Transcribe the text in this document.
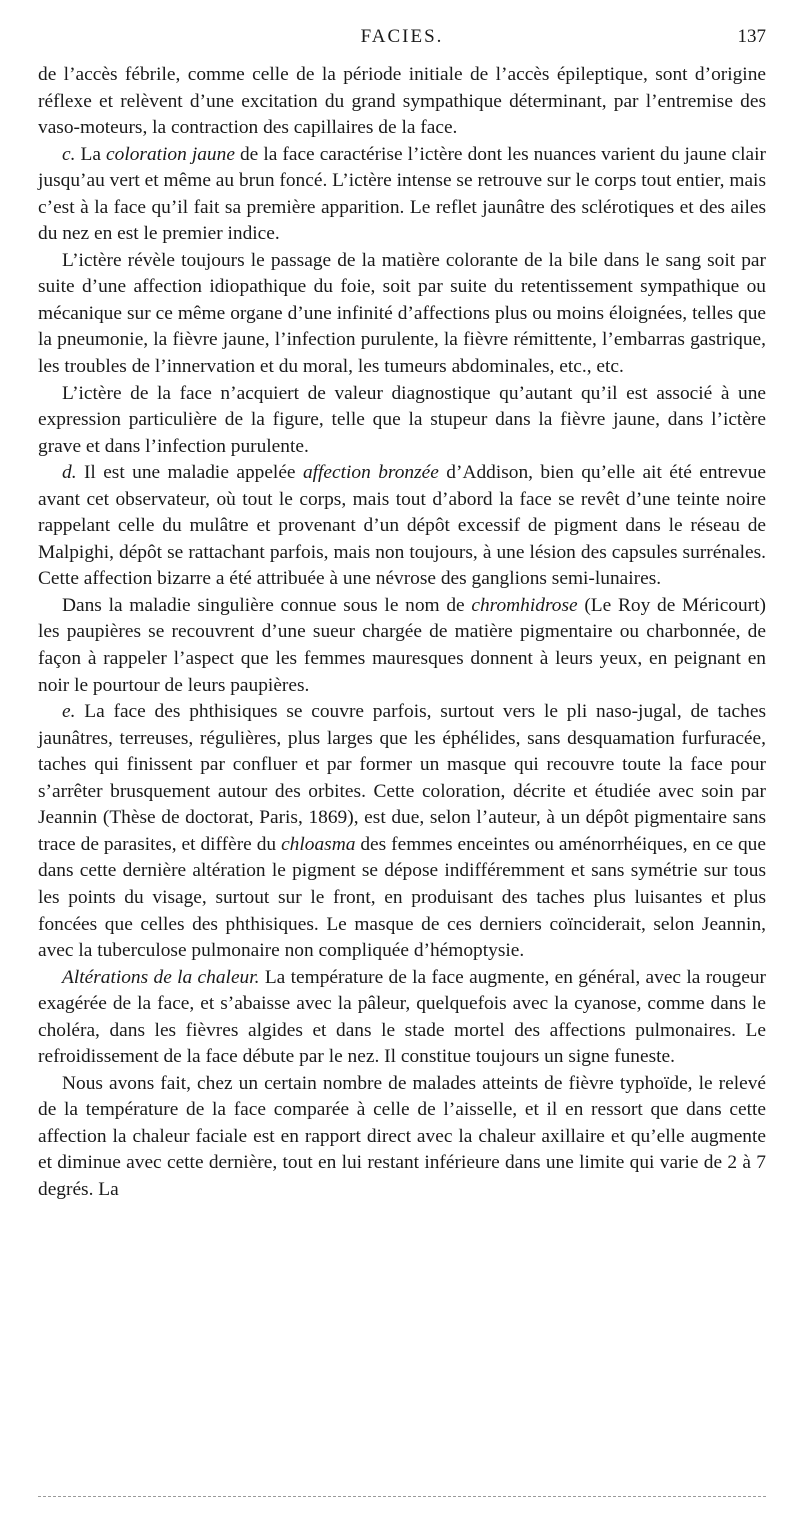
FACIES.	137

de l’accès fébrile, comme celle de la période initiale de l’accès épileptique, sont d’origine réflexe et relèvent d’une excitation du grand sympathique déterminant, par l’entremise des vaso-moteurs, la contraction des capillaires de la face.

c. La coloration jaune de la face caractérise l’ictère dont les nuances varient du jaune clair jusqu’au vert et même au brun foncé. L’ictère intense se retrouve sur le corps tout entier, mais c’est à la face qu’il fait sa première apparition. Le reflet jaunâtre des sclérotiques et des ailes du nez en est le premier indice.

L’ictère révèle toujours le passage de la matière colorante de la bile dans le sang soit par suite d’une affection idiopathique du foie, soit par suite du retentissement sympathique ou mécanique sur ce même organe d’une infinité d’affections plus ou moins éloignées, telles que la pneumonie, la fièvre jaune, l’infection purulente, la fièvre rémittente, l’embarras gastrique, les troubles de l’innervation et du moral, les tumeurs abdominales, etc., etc.

L’ictère de la face n’acquiert de valeur diagnostique qu’autant qu’il est associé à une expression particulière de la figure, telle que la stupeur dans la fièvre jaune, dans l’ictère grave et dans l’infection purulente.

d. Il est une maladie appelée affection bronzée d’Addison, bien qu’elle ait été entrevue avant cet observateur, où tout le corps, mais tout d’abord la face se revêt d’une teinte noire rappelant celle du mulâtre et provenant d’un dépôt excessif de pigment dans le réseau de Malpighi, dépôt se rattachant parfois, mais non toujours, à une lésion des capsules surrénales. Cette affection bizarre a été attribuée à une névrose des ganglions semi-lunaires.

Dans la maladie singulière connue sous le nom de chromhidrose (Le Roy de Méricourt) les paupières se recouvrent d’une sueur chargée de matière pigmentaire ou charbonnée, de façon à rappeler l’aspect que les femmes mauresques donnent à leurs yeux, en peignant en noir le pourtour de leurs paupières.

e. La face des phthisiques se couvre parfois, surtout vers le pli naso-jugal, de taches jaunâtres, terreuses, régulières, plus larges que les éphélides, sans desquamation furfuracée, taches qui finissent par confluer et par former un masque qui recouvre toute la face pour s’arrêter brusquement autour des orbites. Cette coloration, décrite et étudiée avec soin par Jeannin (Thèse de doctorat, Paris, 1869), est due, selon l’auteur, à un dépôt pigmentaire sans trace de parasites, et diffère du chloasma des femmes enceintes ou aménorrhéiques, en ce que dans cette dernière altération le pigment se dépose indifféremment et sans symétrie sur tous les points du visage, surtout sur le front, en produisant des taches plus luisantes et plus foncées que celles des phthisiques. Le masque de ces derniers coïnciderait, selon Jeannin, avec la tuberculose pulmonaire non compliquée d’hémoptysie.

Altérations de la chaleur. La température de la face augmente, en général, avec la rougeur exagérée de la face, et s’abaisse avec la pâleur, quelquefois avec la cyanose, comme dans le choléra, dans les fièvres algides et dans le stade mortel des affections pulmonaires. Le refroidissement de la face débute par le nez. Il constitue toujours un signe funeste.

Nous avons fait, chez un certain nombre de malades atteints de fièvre typhoïde, le relevé de la température de la face comparée à celle de l’aisselle, et il en ressort que dans cette affection la chaleur faciale est en rapport direct avec la chaleur axillaire et qu’elle augmente et diminue avec cette dernière, tout en lui restant inférieure dans une limite qui varie de 2 à 7 degrés. La
